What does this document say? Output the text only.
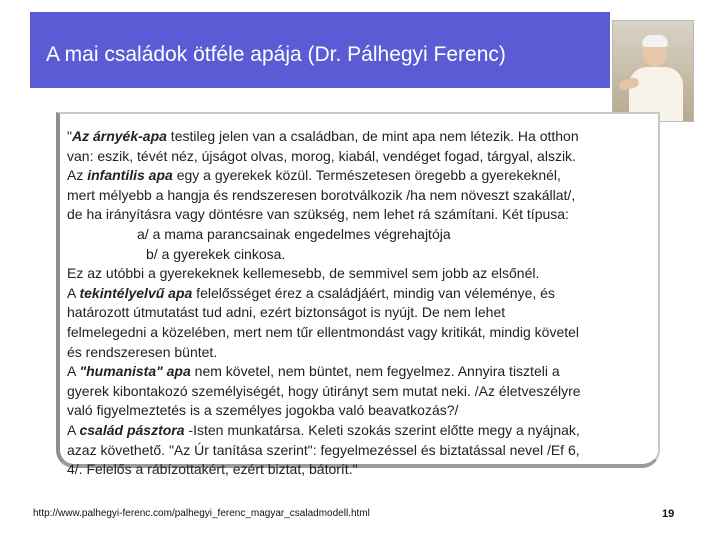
A mai családok ötféle apája (Dr. Pálhegyi Ferenc)

"Az árnyék-apa testileg jelen van a családban, de mint apa nem létezik. Ha otthon

van: eszik, tévét néz, újságot olvas, morog, kiabál, vendéget fogad, tárgyal, alszik.

Az infantilis apa egy a gyerekek közül. Természetesen öregebb a gyerekeknél,

mert mélyebb a hangja és rendszeresen borotválkozik /ha nem növeszt szakállat/,

de ha irányításra vagy döntésre van szükség, nem lehet rá számítani. Két típusa:

a/ a mama parancsainak engedelmes végrehajtója

b/ a gyerekek cinkosa.

Ez az utóbbi a gyerekeknek kellemesebb, de semmivel sem jobb az elsőnél.

A tekintélyelvű apa felelősséget érez a családjáért, mindig van véleménye, és

határozott útmutatást tud adni, ezért biztonságot is nyújt. De nem lehet

felmelegedni a közelében, mert nem tűr ellentmondást vagy kritikát, mindig követel

és rendszeresen büntet.

A "humanista" apa nem követel, nem büntet, nem fegyelmez. Annyira tiszteli a

gyerek kibontakozó személyiségét, hogy útirányt sem mutat neki. /Az életveszélyre

való figyelmeztetés is a személyes jogokba való beavatkozás?/

A család pásztora -Isten munkatársa. Keleti szokás szerint előtte megy a nyájnak,

azaz követhető. "Az Úr tanítása szerint": fegyelmezéssel és biztatással nevel /Ef 6,

4/. Felelős a rábízottakért, ezért biztat, bátorít."

http://www.palhegyi-ferenc.com/palhegyi_ferenc_magyar_csaladmodell.html	19
